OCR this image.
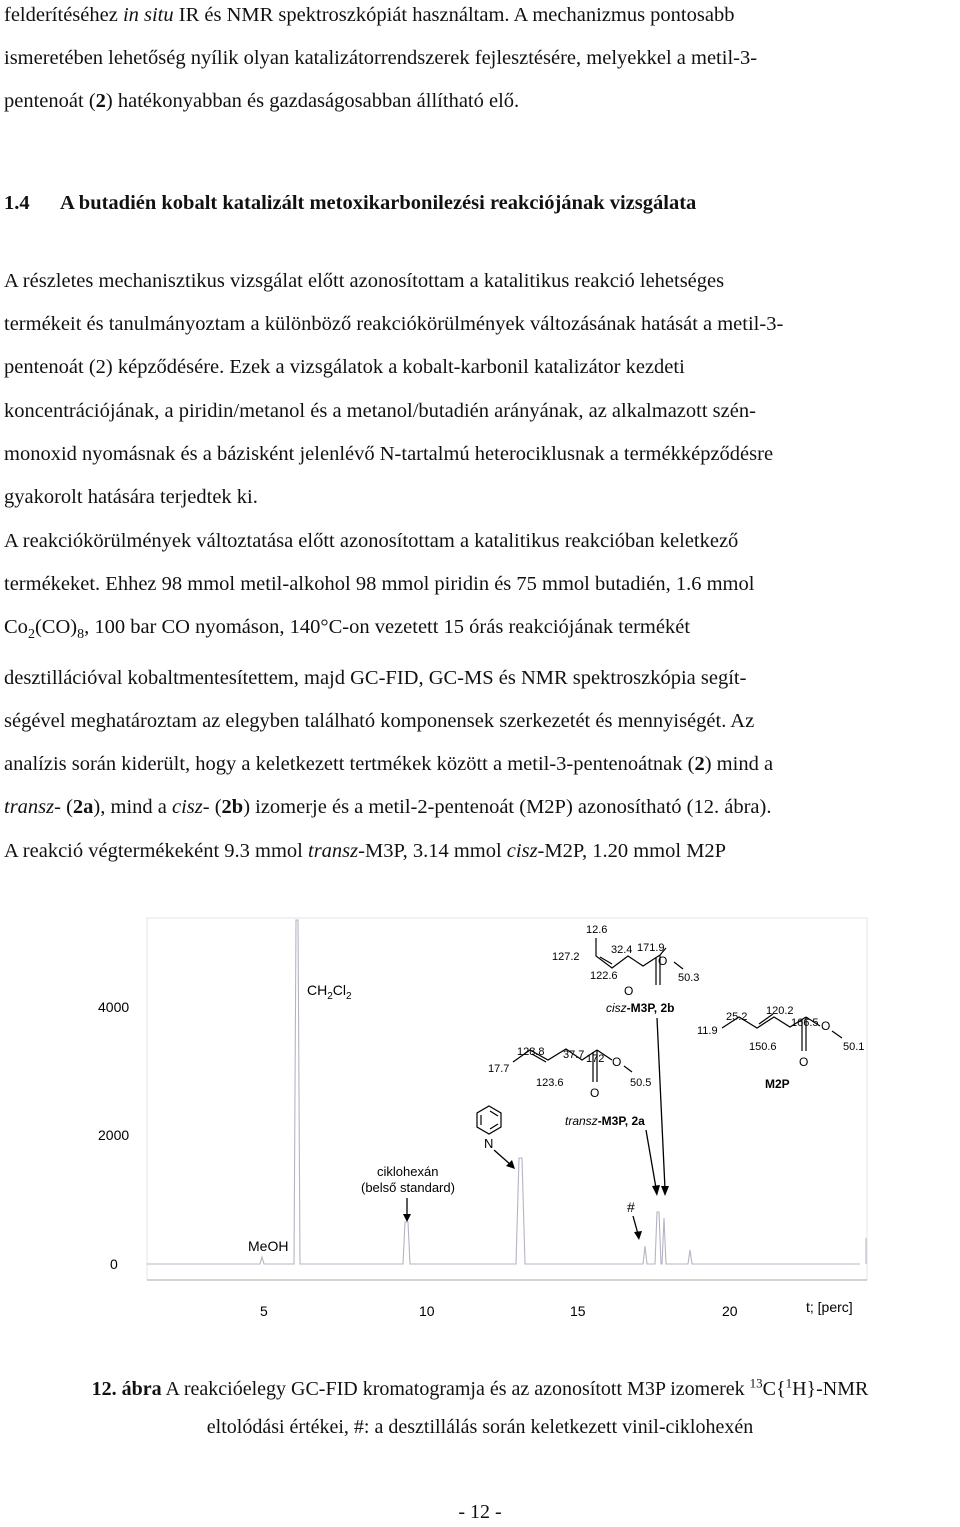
felderítéséhez in situ IR és NMR spektroszkópiát használtam. A mechanizmus pontosabb
ismeretében lehetőség nyílik olyan katalizátorrendszerek fejlesztésére, melyekkel a metil-3-
pentenoát (2) hatékonyabban és gazdaságosabban állítható elő.

1.4 A butadién kobalt katalizált metoxikarbonilezési reakciójának vizsgálata

A részletes mechanisztikus vizsgálat előtt azonosítottam a katalitikus reakció lehetséges
termékeit és tanulmányoztam a különböző reakciókörülmények változásának hatását a metil-3-
pentenoát (2) képződésére. Ezek a vizsgálatok a kobalt-karbonil katalizátor kezdeti
koncentrációjának, a piridin/metanol és a metanol/butadién arányának, az alkalmazott szén-
monoxid nyomásnak és a bázisként jelenlévő N-tartalmú heterociklusnak a termékképződésre
gyakorolt hatására terjedtek ki.

A reakciókörülmények változtatása előtt azonosítottam a katalitikus reakcióban keletkező
termékeket. Ehhez 98 mmol metil-alkohol 98 mmol piridin és 75 mmol butadién, 1.6 mmol
$Co_2(CO)_8$, 100 bar CO nyomáson, 140°C-on vezetett 15 órás reakciójának termékét
desztillációval kobaltmentesítettem, majd GC-FID, GC-MS és NMR spektroszkópia segít-
ségével meghatároztam az elegyben található komponensek szerkezetét és mennyiségét. Az
analízis során kiderült, hogy a keletkezett tertmékek között a metil-3-pentenoátnak (2) mind a
transz- (2a), mind a cisz- (2b) izomerje és a metil-2-pentenoát (M2P) azonosítható (12. ábra).
A reakció végtermékeként 9.3 mmol transz-M3P, 3.14 mmol cisz-M2P, 1.20 mmol M2P

4000
2000
0
5	10	15	20	t; [perc]
$CH_2Cl_2$
MeOH
ciklohexán
(belső standard)
N
17.7
128.8
123.6
37.7 172
50.5
O
O
transz-M3P, 2a
12.6
127.2
122.6
32.4 171.9
50.3
O
O
cisz-M3P, 2b
#
11.9
25.2
150.6
120.2
166.5
50.1
O
O
M2P
12. ábra A reakcióelegy GC-FID kromatogramja és az azonosított M3P izomerek $^{13}$C{$^1$H}-NMR
eltolódási értékei, #: a desztillálás során keletkezett vinil-ciklohexén
- 12 -
